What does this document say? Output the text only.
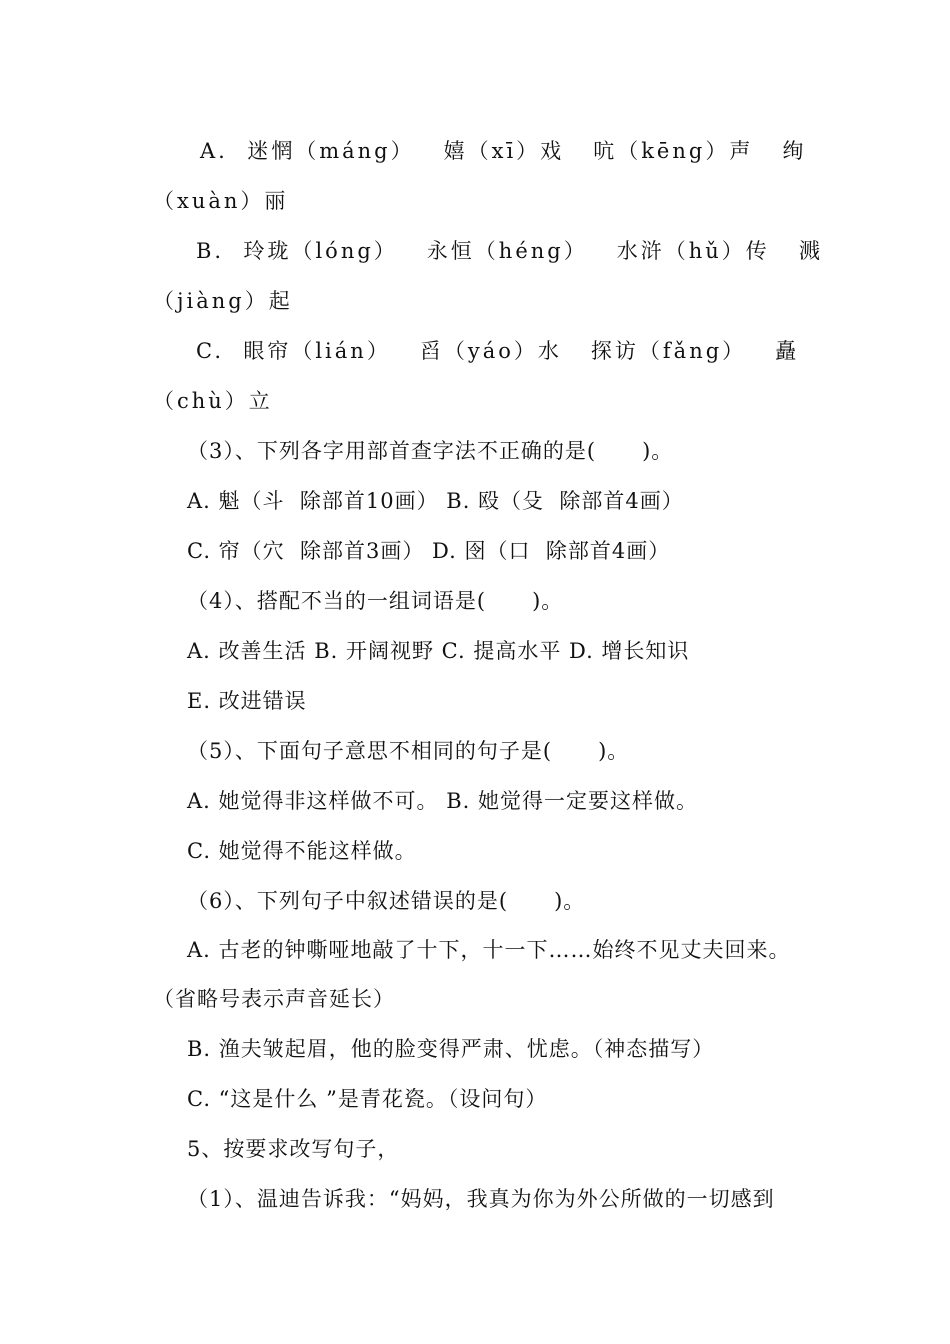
A.  迷惘（máng）   嬉（xī）戏   吭（kēng）声   绚
（xuàn）丽
B.  玲珑（lóng）   永恒（héng）   水浒（hǔ）传   溅
（jiàng）起
C.  眼帘（lián）   舀（yáo）水   探访（fǎng）   矗
（chù）立
（3）、下列各字用部首查字法不正确的是(      )。
A. 魁（斗  除部首10画） B. 殴（殳  除部首4画）
C. 帘（穴  除部首3画） D. 囹（口  除部首4画）
（4）、搭配不当的一组词语是(      )。
A. 改善生活 B. 开阔视野 C. 提高水平 D. 增长知识
E. 改进错误
（5）、下面句子意思不相同的句子是(      )。
A. 她觉得非这样做不可。 B. 她觉得一定要这样做。
C. 她觉得不能这样做。
（6）、下列句子中叙述错误的是(      )。
A. 古老的钟嘶哑地敲了十下，十一下……始终不见丈夫回来。
（省略号表示声音延长）
B. 渔夫皱起眉，他的脸变得严肃、忧虑。（神态描写）
C. “这是什么 ”是青花瓷。（设问句）
5、按要求改写句子，
（1）、温迪告诉我：“妈妈，我真为你为外公所做的一切感到
